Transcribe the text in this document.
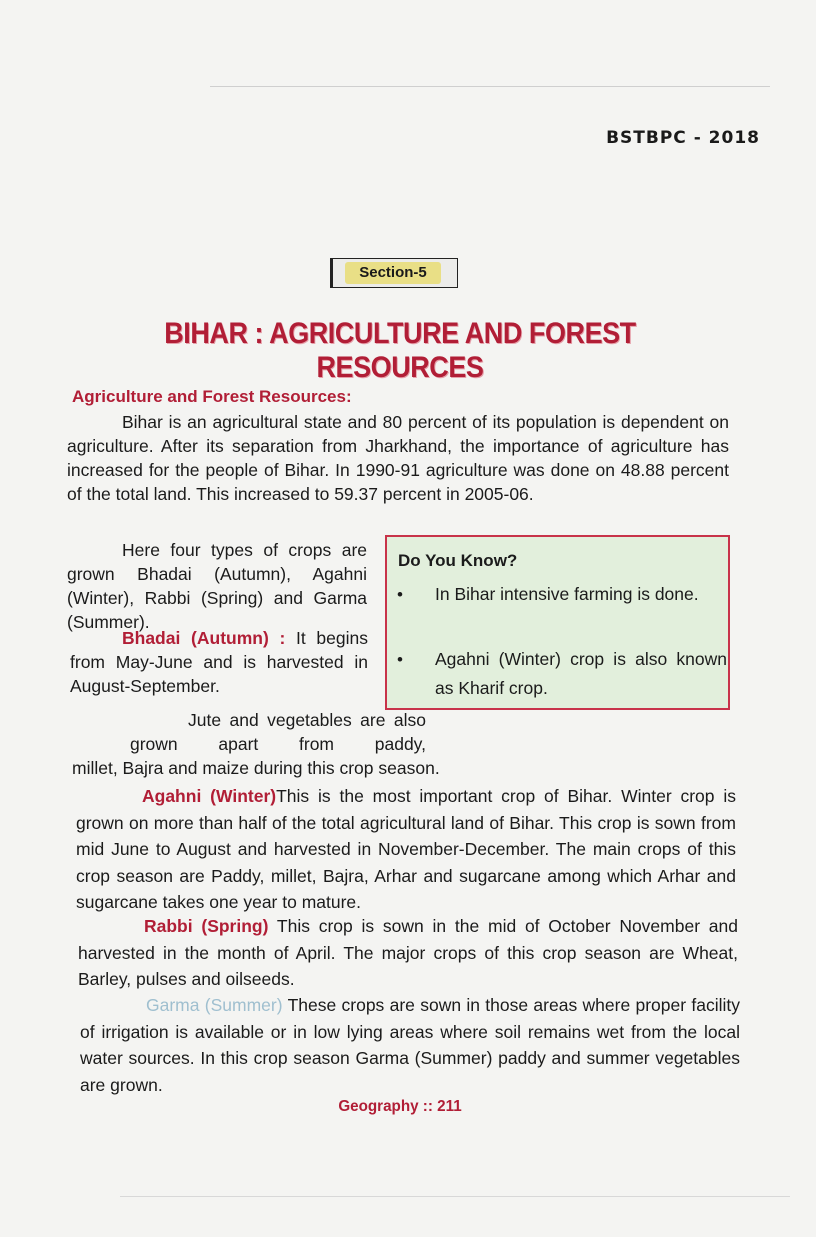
BSTBPC - 2018
Section-5
BIHAR : AGRICULTURE AND FOREST RESOURCES
Agriculture and Forest Resources:
Bihar is an agricultural state and 80 percent of its population is dependent on agriculture. After its separation from Jharkhand, the importance of agriculture has increased for the people of Bihar. In 1990-91 agriculture was done on 48.88 percent of the total land. This increased to 59.37 percent in 2005-06.
Here four types of crops are grown Bhadai (Autumn), Agahni (Winter), Rabbi (Spring) and Garma (Summer).
Bhadai (Autumn) : It begins from May-June and is harvested in August-September.
Jute and vegetables are also grown apart from paddy,
millet, Bajra and maize during this crop season.
Do You Know?
•	In Bihar intensive farming is done.
•	Agahni (Winter) crop is also known as Kharif crop.
Agahni (Winter)This is the most important crop of Bihar. Winter crop is grown on more than half of the total agricultural land of Bihar. This crop is sown from mid June to August and harvested in November-December. The main crops of this crop season are Paddy, millet, Bajra, Arhar and sugarcane among which Arhar and sugarcane takes one year to mature.
Rabbi (Spring) This crop is sown in the mid of October November and harvested in the month of April. The major crops of this crop season are Wheat, Barley, pulses and oilseeds.
Garma (Summer) These crops are sown in those areas where proper facility of irrigation is available or in low lying areas where soil remains wet from the local water sources. In this crop season Garma (Summer) paddy and summer vegetables are grown.
Geography :: 211
